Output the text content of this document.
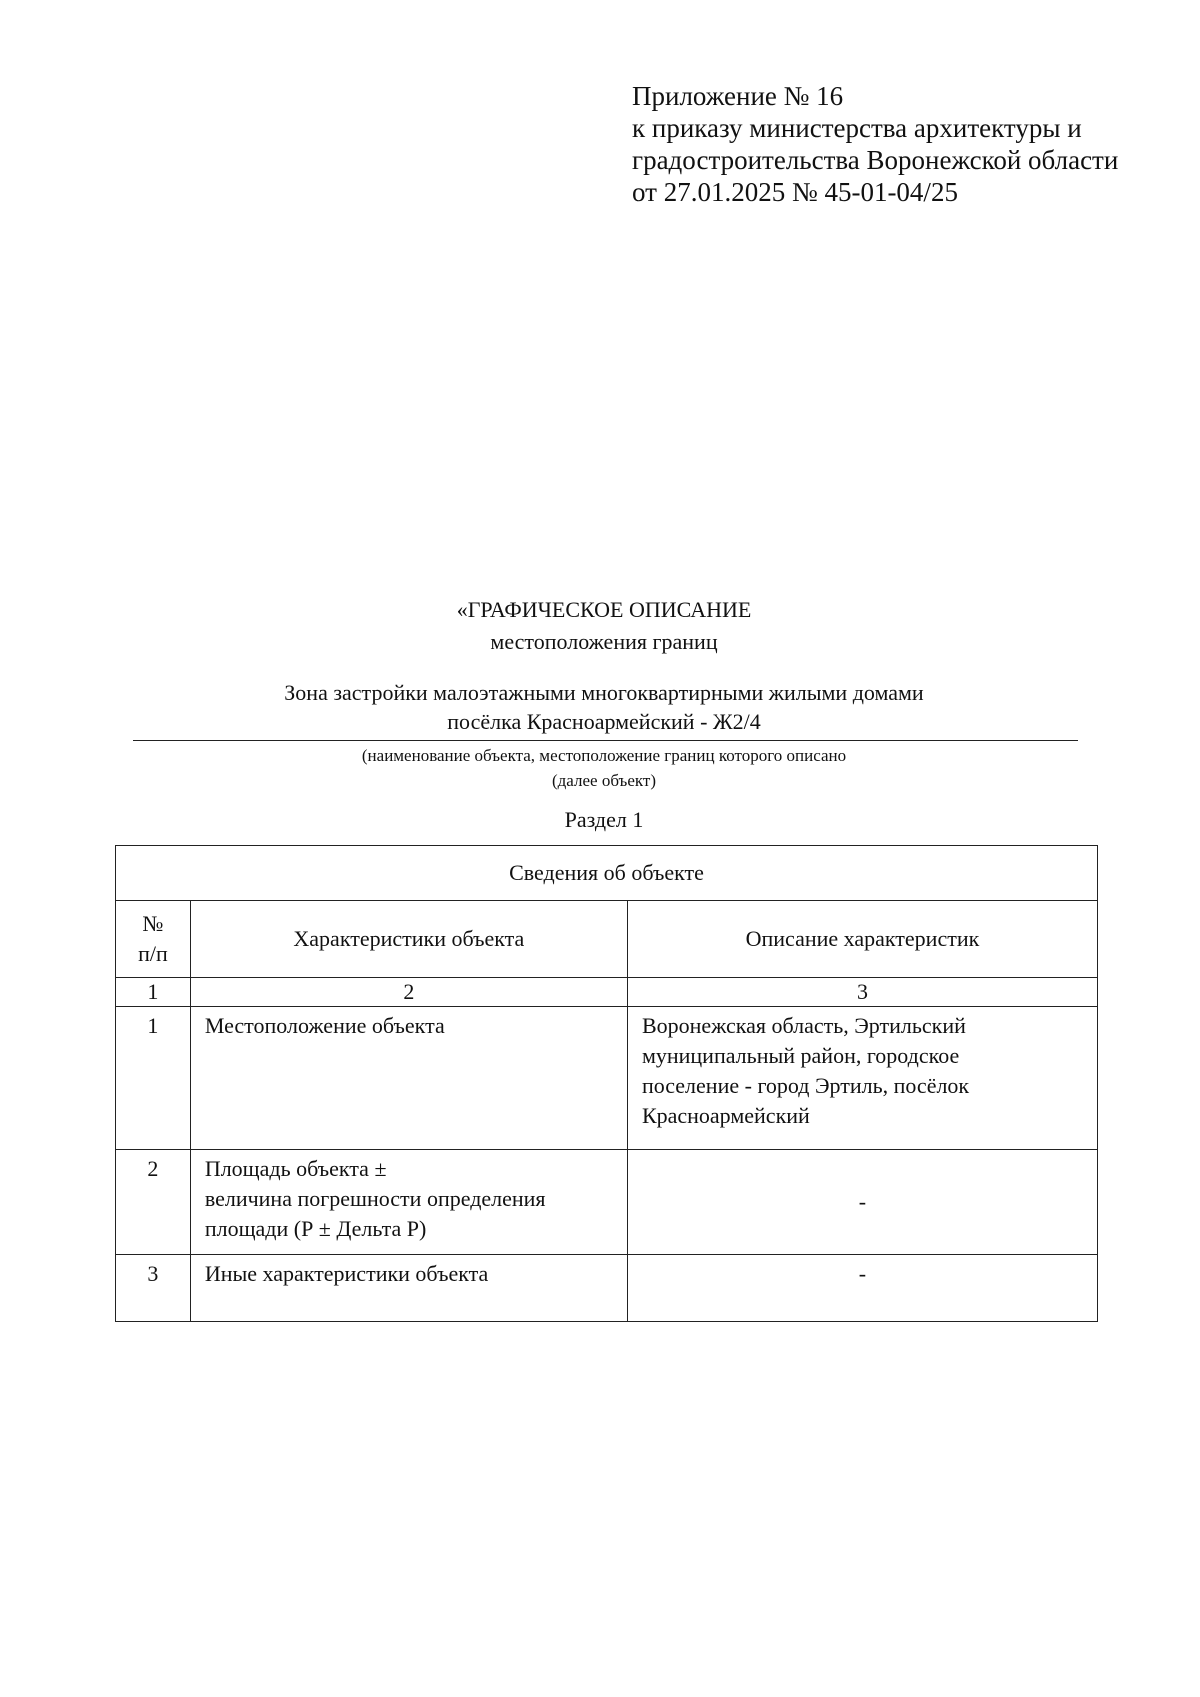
Приложение № 16
к приказу министерства архитектуры и
градостроительства Воронежской области
от 27.01.2025 № 45-01-04/25
«ГРАФИЧЕСКОЕ ОПИСАНИЕ
местоположения границ
Зона застройки малоэтажными многоквартирными жилыми домами
посёлка Красноармейский - Ж2/4
(наименование объекта, местоположение границ которого описано
(далее объект)
Раздел 1
Сведения об объекте		

№
п/п	Характеристики объекта	Описание характеристик
1	2	3
1	Местоположение объекта	Воронежская область, Эртильский
муниципальный район, городское
поселение - город Эртиль, посёлок
Красноармейский

2	Площадь объекта ±
величина погрешности определения
площади (Р ± Дельта Р)	-
3	Иные характеристики объекта	-
